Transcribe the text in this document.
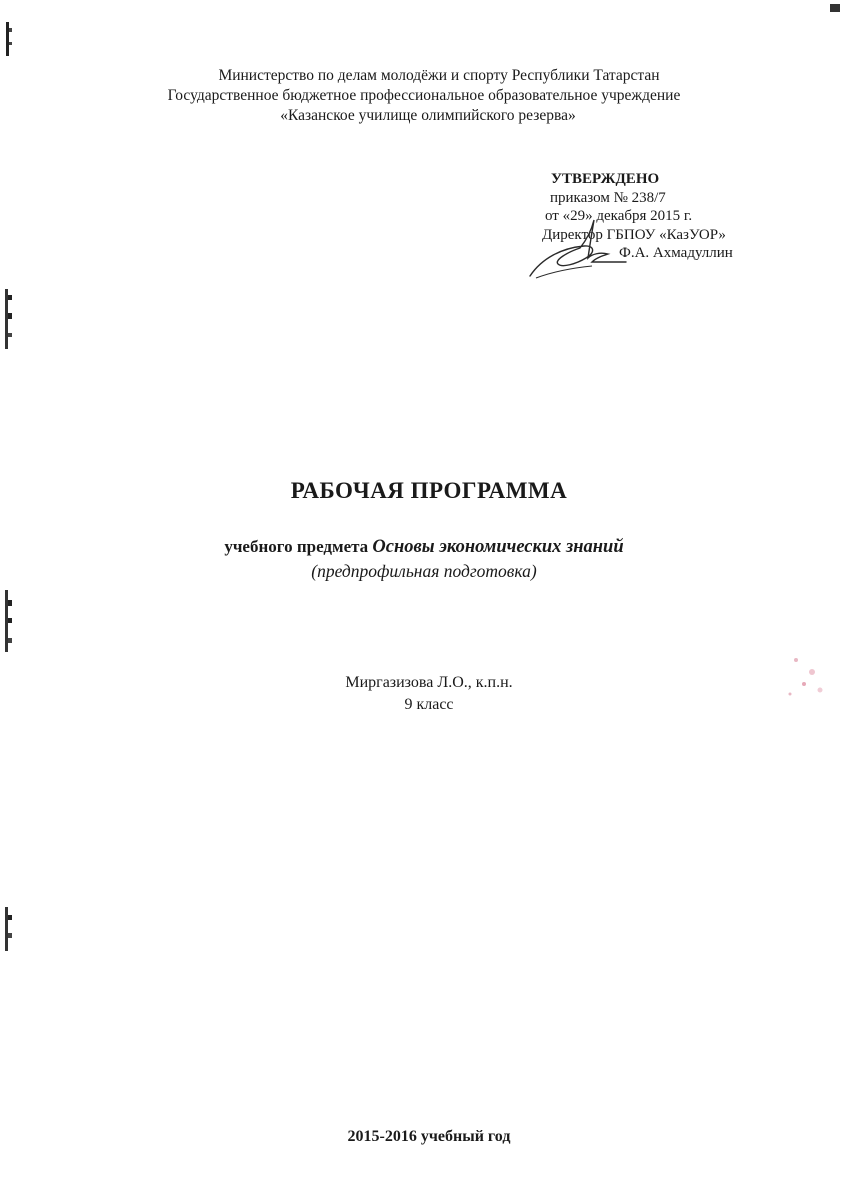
Министерство по делам молодёжи и спорту Республики Татарстан
Государственное бюджетное профессиональное образовательное учреждение
«Казанское училище олимпийского резерва»
УТВЕРЖДЕНО
приказом № 238/7
от «29» декабря 2015 г.
Директор ГБПОУ «КазУОР»
Ф.А. Ахмадуллин
РАБОЧАЯ ПРОГРАММА
учебного предмета Основы экономических знаний
(предпрофильная подготовка)
Миргазизова Л.О., к.п.н.
9 класс
2015-2016 учебный год
